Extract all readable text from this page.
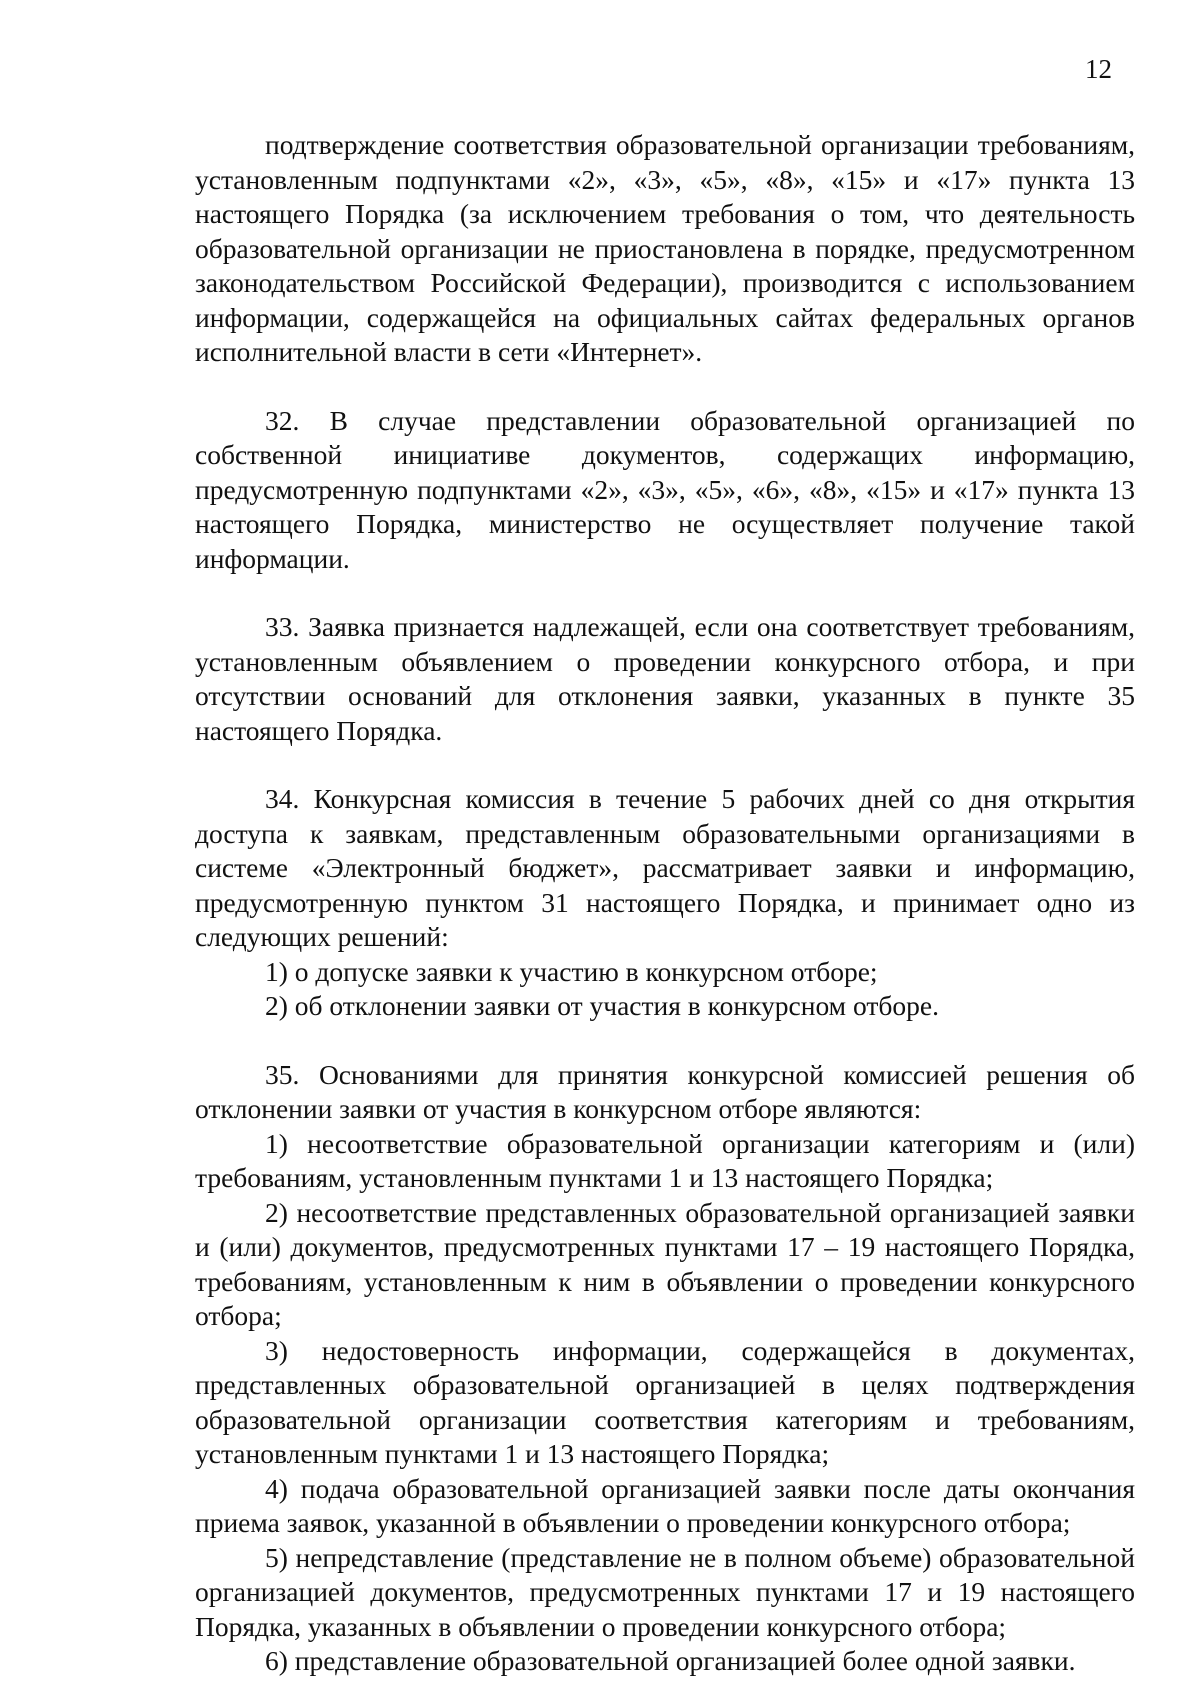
12

подтверждение соответствия образовательной организации требованиям, установленным подпунктами «2», «3», «5», «8», «15» и «17» пункта 13 настоящего Порядка (за исключением требования о том, что деятельность образовательной организации не приостановлена в порядке, предусмотренном законодательством Российской Федерации), производится с использованием информации, содержащейся на официальных сайтах федеральных органов исполнительной власти в сети «Интернет».

32. В случае представлении образовательной организацией по собственной инициативе документов, содержащих информацию, предусмотренную подпунктами «2», «3», «5», «6», «8», «15» и «17» пункта 13 настоящего Порядка, министерство не осуществляет получение такой информации.

33. Заявка признается надлежащей, если она соответствует требованиям, установленным объявлением о проведении конкурсного отбора, и при отсутствии оснований для отклонения заявки, указанных в пункте 35 настоящего Порядка.

34. Конкурсная комиссия в течение 5 рабочих дней со дня открытия доступа к заявкам, представленным образовательными организациями в системе «Электронный бюджет», рассматривает заявки и информацию, предусмотренную пунктом 31 настоящего Порядка, и принимает одно из следующих решений:

1) о допуске заявки к участию в конкурсном отборе;

2) об отклонении заявки от участия в конкурсном отборе.

35. Основаниями для принятия конкурсной комиссией решения об отклонении заявки от участия в конкурсном отборе являются:

1) несоответствие образовательной организации категориям и (или) требованиям, установленным пунктами 1 и 13 настоящего Порядка;

2) несоответствие представленных образовательной организацией заявки и (или) документов, предусмотренных пунктами 17 – 19 настоящего Порядка, требованиям, установленным к ним в объявлении о проведении конкурсного отбора;

3) недостоверность информации, содержащейся в документах, представленных образовательной организацией в целях подтверждения образовательной организации соответствия категориям и требованиям, установленным пунктами 1 и 13 настоящего Порядка;

4) подача образовательной организацией заявки после даты окончания приема заявок, указанной в объявлении о проведении конкурсного отбора;

5) непредставление (представление не в полном объеме) образовательной организацией документов, предусмотренных пунктами 17 и 19 настоящего Порядка, указанных в объявлении о проведении конкурсного отбора;

6) представление образовательной организацией более одной заявки.
